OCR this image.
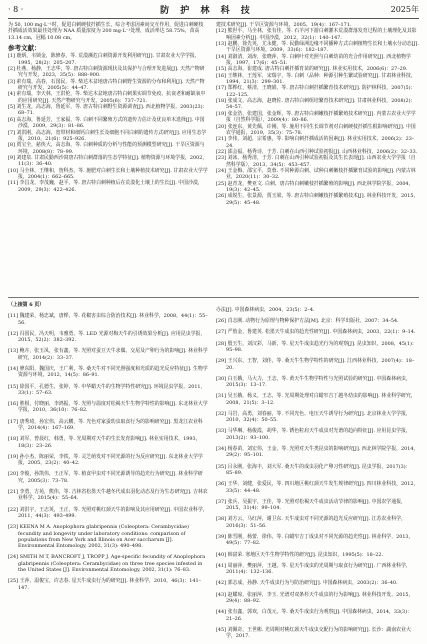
· 8 ·	防 护 林 科 技	2025年

为 50, 100 mg·L⁻¹时，促进白刺硬枝扦插生长，综合考虑因素间交互作用，促进白刺硬枝扦插成活效果最佳处理为 NAA 质量浓度为 200 mg·L⁻¹处理，成活率达 58.75%，苗高 13.14 cm，冠幅 10.08 cm。

参考文献：

[1] 鹿炳，韦锁金，陈修春，等. 荒漠濒危白刺资源开发利用研究[J]. 甘肃农业大学学报，1995，28(2)：205–207.

[2] 杜燕，杨静，王志华，等. 唐古特白刺资源现状及其保护与合理开发进展[J]. 天然产物研究与开发，2023，35(5)：888–900.

[3] 索有瑞，高春，石国民，等. 柴达木盆地唐古特白刺野生资源的分布和利用[J]. 天然产物研究与开发，2005(5)：44–47.

[4] 索有瑞，李天林，王洪伦，等. 柴达木盆地唐古特白刺果实调节免疫、抗衰老和耐缺氧中的应用研究[J]. 天然产物研究与开发，2005(6)：737–721.

[5] 刘生龙，高志海，鲁延军，等. 唐古特白刺野生资源调查[J]. 西北植物学报，2003(23)：68–71.

[6] 高志海，鲁延芳，王家福，等. 白刺不同繁殖方式的遗传力估计及优良单木选择[J]. 中国沙漠，2009，29(3)：81–86.

[7] 刘洪刚，高志海，宽带材和细钙白刺生长及细胞不同白刺的遗传方式研究[J]. 应用生态学报，2010，21(6)：925–926.

[8] 贾宝全，慈侠大，高志海，等. 白刺种质的分析与性能的预测模型研究[J]. 干旱区资源与环境，2008(8)：78–99.

[9] 刘建泉. 甘肃民勤西沙窝唐古特白刺群落的生态学特征[J]. 植物资源与环境学报，2002，11(3)：36–40.

[10] 马全林，王继和，詹科杰，等. 施肥对白刺生长和土壤种植技术研究[J]. 甘肃农业大学学报，2004(1)：662–665.

[11] 李昌龙，李茂巍，赵平，等. 唐古特白刺种植后在荒漠化土壤上的生长[J]. 中国沙漠，2009，29(3)：422–426.

建技术研究[J]. 干旱区资源与环境，2005，19(4)：167–171.

[12] 熊世平，马全林，张有佳，等. 石羊河下游白刺灌木荒漠群落发育过程的土壤理化及其影响因素分析[J]. 中国沙漠，2012，32(1)：140–147.

[13] 赵鹏，徐先英，尤永健，等. 民勤绿洲边缘不同播种方式白刺植物生长和土壤水分动态[J]. 干旱区资源与环境，2009，33(6)：182–187.

[14] 刘淑清，刘涛，张晓萍，等. 白刺叶对光照与白刺幼苗的光合作用研究[J]. 西北植物学报，1997，17(6)：45–51.

[15] 高志海，崔建成. 唐古特白刺扦插育苗的研究[J]. 林业实用技术，2006(6)：27–29.

[16] 王继林，王莲军，宋瑞宇，等. 白刺（品种：种源引种生繁试验研究[J]. 甘肃林业科技，1994，21(3)：299–301.

[17] 郑桦红，蔡清，王晓娟，等. 唐古特白刺扦插繁育技术研究[J]. 防护林科技，2007(5)：122–125.

[18] 张成文，高志海，赵晓佐. 唐古特白刺组培繁育技术研究[J]. 甘肃林业科技，2008(2)：54–57.

[19] 张金浩，张建国，张金辉，等. 唐古特白刺嫩枝扦插繁殖技术研究[J]. 内蒙古农业大学学报（自然科学版），2009(4)：80–86.

[20] 张连东，黄先佩，许刚，等. 施用不同生长调节剂对白刺硬枝扦插生根影响研究[J]. 中国农学通报，2019，35(3)：75–78.

[21] 李伟，刘超，宗希惠，等. 影响白刺扦插成活的因素[J]. 林业实用技术，2006(2)：23–24.

[22] 邵会福，杨秀诗，于芳. 白刺在山西引种试验初报[J]. 山西林业科技，2006(2)：32–33.

[23] 刘冰，杨秀清，于芳. 白刺在山西引种试验初报及其生长表现[J]. 山西农业大学学报（自然科学版），2013，34(5)：453–457.

[24] 王金梅，邵宝平，莫蓉. 不同种源白刺、试种白刺嫩枝扦插繁育试验的影响[J]. 内蒙古林业，2020(11)：30–32.

[25] 赵青龙，樊亚文. 白刺、唐古特白刺嫩枝扦插繁殖的影响[J]. 西北林学院学报，2004，19(3)：42–45.

[26] 成锐生，张景源，贾玉梁，等. 唐古特白刺嫩枝扦插繁殖技术[J]. 林业科技开发，2015，29(5)：45–48.

（上接第 6 页）

[11] 魏建荣，杨忠斌，唐桦，等. 花椒害虫综合防治技术[J]. 林业科学，2008，44(1)：55–56.

[12] 冯国民，冯天明，韦雅勇，等. LED 光源对梅天牛的引诱效果分析[J]. 应用昆虫学报，2015，52(2)：382–392.

[13] 鲍卉，张玉凤，张有鑫，等. 光照对蚕豆天牛求偶、交尾及产卵行为的影响[J]. 林业科学研究，2014(2)：33–37.

[14] 廖东阳，魏国庆，王广利，等. 桑天牛对不同光照强度和光质的趋光反应特征[J]. 生物学资源与环境，2012，14(5)：86–91.

[15] 徐国平，孔德生，张婷，等. 中华蜡天牛的生物学特性研究[J]. 环境昆虫学报，2011，33(1)：57–63.

[16] 胜相，付晓丽，李鸿振，等. 光照与温度对松褐天牛生物学特性的影响[J]. 东北林业大学学报，2010，36(10)：76–82.

[17] 唐秀琦，孙宏伟，高云鹏，等. 光色对家蚕幼虫取食行为的影响研究[J]. 黑龙江农业科学，2014(4)：167–169.

[18] 刘军，曾晨红，韩勇，等. 光周期对天牛的生长发育影响[J]. 林业实用技术，1993，18(3)：23–26.

[19] 孙小杰，陈丽荣，李铁，等. 灵芝萌发对不同光源的行为反应研究[J]. 东北林业大学学报，2005，23(2)：40–42.

[20] 李俊，孙凯伟，王正军，等. 植食甲虫对不同光源诱导的趋光行为研究[J]. 林业科学研究，2005(3)：73–78.

[21] 李勇，方苑，熊伟，等. 吉林省松墨天牛越冬代成虫羽化动态及行为生态研究[J]. 吉林农业科学，2015(4)：55–64.

[22] 刘洪宇，王志英，王正，等. 光照对桃红颈天牛的影响及其应用研究[J]. 中国农业科学，2011，44(3)：493–499.

[23] KEENA M A. Anoplophora glabripennis (Coleoptera: Cerambycidae) fecundity and longevity under laboratory conditions: comparison of populations from New York and Illinois on Acer saccharum [J]. Environmental Entomology, 2002, 31(3): 490–498.

[24] SMITH M T, BANCROFT J, TROPP J. Age-specific fecundity of Anoplophora glabripennis (Coleoptera: Cerambycidae) on three tree species infested in the United States [J]. Environmental Entomology, 2002, 31(1): 76–83.

[25] 王萍，温俊宝，许志春. 星天牛成虫行为的研究[J]. 林业科学，2010，46(3)：141–147.

办法[J]. 中国森林病虫，2004，23(5)：2–4.

[26] 肖志刚. 动物行为原理与物种保护方法[M]. 北京：科学出版社，2007：34–54.

[27] 严敖金，鲁建英. 松墨天牛成虫的趋光性研究[J]. 中国森林病虫，2003，22(1)：9–14.

[28] 殷玉生，刘汉彩，马新，等. 星天牛成虫趋光行为的观察[J]. 昆虫知识，2008，45(1)：95–98.

[29] 王兴东，王智，刘佳，等. 桑天牛生物学特性的研究[J]. 江西林业科技，2007(4)：18–20.

[30] 白玉娥，马大力，王志，等. 黄天牛生物学特性与光照试验的研究[J]. 中国森林病虫，2015(3)：13–17.

[31] 吴玉娥，杨义，王志，等. 光周期处理对白蜡窄吉丁越冬幼虫的影响[J]. 林业科学研究，2008，21(5)：3–12.

[32] 马岩，高勇，刘春丽，等. 不同光色、电压天牛诱导行为研究[J]. 北京林业大学学报，2010，32(4)：50–55.

[33] 马华琳，杨俊霞，胡华，等. 锈色粒肩天牛成虫对光谱的趋向特征[J]. 应用昆虫学报，2013(2)：93–100.

[34] 杨春苗，刘宏伟，王金，等. 光照对天牛类昆虫的影响研究[J]. 西北林学院学报，2014，29(2)：95–101.

[35] 吕永刚，张海丰，刘大军. 桑天牛的成虫羽化产卵习性研究[J]. 昆虫学报，2017(3)：85–89.

[36] 王华，刘健，张爱民，等. 四川地区桃红颈天牛发生规律研究[J]. 四川林业科技，2012，33(5)：44–48.

[37] 张兵，吴振宇，王佳，等. 光照对松褐天牛成虫活动节律的影响[J]. 中国农学通报，2015，31(4)：99–104.

[38] 刘方云，马红萍，谢卫东. 天牛成虫对不同光源的趋光反应研究[J]. 江苏农业科学，2016(3)：51–56.

[39] 陈雪刚，杨蕾，徐伟，等. 白蜡窄吉丁成虫对不同光源的趋光性[J]. 林业科学，2013，49(5)：77–82.

[40] 韩富荣. 寒地区天牛生物学特性的研究[J]. 昆虫知识，1995(5)：18–22.

[41] 周丽萍，樊丽萍，王越，等. 星天牛成虫的光周期与取食行为研究[J]. 广西林业科学，2011(4)：132–136.

[42] 郭志成，孙静. 天牛成虫行为与防治研究[J]. 中国森林病虫，2003(2)：36–40.

[43] 赵耀琼，张丽萍，李玉. 光谱对双条杉天牛成虫的行为影响[J]. 林业科技开发，2015，29(4)：88–92.

[44] 张有鑫，郭欢，白茂元，等. 桑天牛成虫行为观察[J]. 中国森林病虫，2014，33(3)：21–26.

[45] 刘佩奇，王世彬. 光周期对桃红颈天牛成虫交配行为的影响研究[J]. 长沙：湖南农业大学，2017.
